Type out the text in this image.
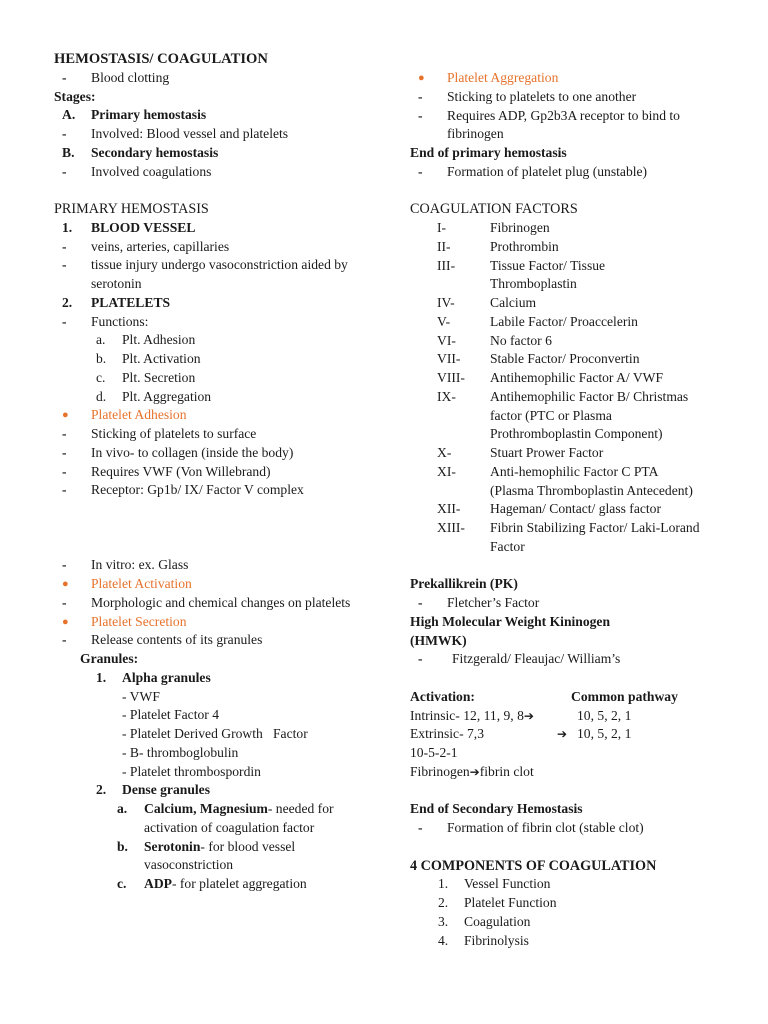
HEMOSTASIS/ COAGULATION
- Blood clotting
Stages:
A. Primary hemostasis
- Involved: Blood vessel and platelets
B. Secondary hemostasis
- Involved coagulations
PRIMARY HEMOSTASIS
1. BLOOD VESSEL
- veins, arteries, capillaries
- tissue injury undergo vasoconstriction aided by serotonin
2. PLATELETS
- Functions:
a. Plt. Adhesion
b. Plt. Activation
c. Plt. Secretion
d. Plt. Aggregation
● Platelet Adhesion
- Sticking of platelets to surface
- In vivo- to collagen (inside the body)
- Requires VWF (Von Willebrand)
- Receptor: Gp1b/ IX/ Factor V complex
- In vitro: ex. Glass
● Platelet Activation
- Morphologic and chemical changes on platelets
● Platelet Secretion
- Release contents of its granules
Granules:
1. Alpha granules
- VWF
- Platelet Factor 4
- Platelet Derived Growth   Factor
- B- thromboglobulin
- Platelet thrombospordin
2. Dense granules
a. Calcium, Magnesium- needed for activation of coagulation factor
b. Serotonin- for blood vessel vasoconstriction
c. ADP- for platelet aggregation
● Platelet Aggregation
- Sticking to platelets to one another
- Requires ADP, Gp2b3A receptor to bind to fibrinogen
End of primary hemostasis
- Formation of platelet plug (unstable)
COAGULATION FACTORS
I-	Fibrinogen
II-	Prothrombin
III-	Tissue Factor/ Tissue Thromboplastin
IV-	Calcium
V-	Labile Factor/ Proaccelerin
VI-	No factor 6
VII- Stable Factor/ Proconvertin
VIII- Antihemophilic Factor A/ VWF
IX-	Antihemophilic Factor B/ Christmas factor (PTC or Plasma Prothromboplastin Component)
X-	Stuart Prower Factor
XI-	Anti-hemophilic Factor C PTA (Plasma Thromboplastin Antecedent)
XII- Hageman/ Contact/ glass factor
XIII- Fibrin Stabilizing Factor/ Laki-Lorand Factor
Prekallikrein (PK)
- Fletcher’s Factor
High Molecular Weight Kininogen (HMWK)
- Fitzgerald/ Fleaujac/ William’s
Activation:	Common pathway
Intrinsic- 12, 11, 9, 8➔	10, 5, 2, 1
Extrinsic- 7,3	➔ 10, 5, 2, 1
10-5-2-1
Fibrinogen➔fibrin clot
End of Secondary Hemostasis
- Formation of fibrin clot (stable clot)
4 COMPONENTS OF COAGULATION
1. Vessel Function
2. Platelet Function
3. Coagulation
4. Fibrinolysis
